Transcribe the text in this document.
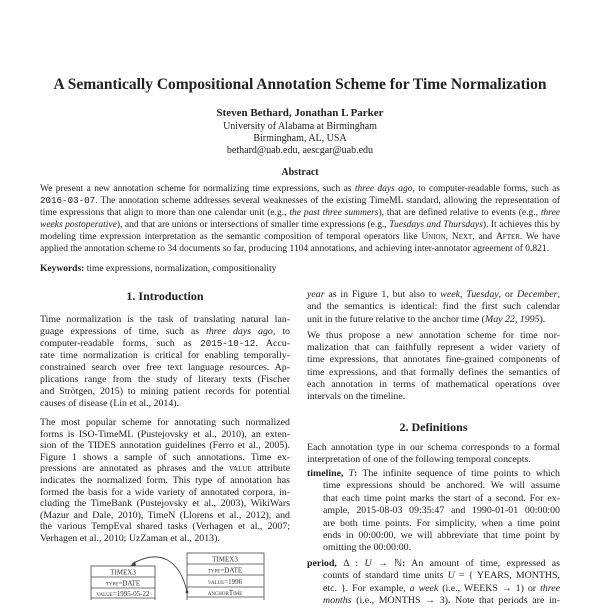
A Semantically Compositional Annotation Scheme for Time Normalization
Steven Bethard, Jonathan L Parker
University of Alabama at Birmingham
Birmingham, AL, USA
bethard@uab.edu, aescgar@uab.edu
Abstract
We present a new annotation scheme for normalizing time expressions, such as three days ago, to computer-readable forms, such as
2016-03-07. The annotation scheme addresses several weaknesses of the existing TimeML standard, allowing the representation of
time expressions that align to more than one calendar unit (e.g., the past three summers), that are defined relative to events (e.g., three
weeks postoperative), and that are unions or intersections of smaller time expressions (e.g., Tuesdays and Thursdays). It achieves this by
modeling time expression interpretation as the semantic composition of temporal operators like Union, Next, and After. We have
applied the annotation scheme to 34 documents so far, producing 1104 annotations, and achieving inter-annotator agreement of 0.821.
Keywords: time expressions, normalization, compositionality
1. Introduction
Time normalization is the task of translating natural lan-
guage expressions of time, such as three days ago, to
computer-readable forms, such as 2015-10-12. Accu-
rate time normalization is critical for enabling temporally-
constrained search over free text language resources. Ap-
plications range from the study of literary texts (Fischer
and Strötgen, 2015) to mining patient records for potential
causes of disease (Lin et al., 2014).
The most popular scheme for annotating such normalized
forms is ISO-TimeML (Pustejovsky et al., 2010), an exten-
sion of the TIDES annotation guidelines (Ferro et al., 2005).
Figure 1 shows a sample of such annotations. Time ex-
pressions are annotated as phrases and the value attribute
indicates the normalized form. This type of annotation has
formed the basis for a wide variety of annotated corpora, in-
cluding the TimeBank (Pustejovsky et al., 2003), WikiWars
(Mazur and Dale, 2010), TimeN (Llorens et al., 2012), and
the various TempEval shared tasks (Verhagen et al., 2007;
Verhagen et al., 2010; UzZaman et al., 2013).
TIMEX3
type=DATE
value=1995-05-22
TIMEX3
type=DATE
value=1996
anchorTime
year as in Figure 1, but also to week, Tuesday, or December,
and the semantics is identical: find the first such calendar
unit in the future relative to the anchor time (May 22, 1995).
We thus propose a new annotation scheme for time nor-
malization that can faithfully represent a wider variety of
time expressions, that annotates fine-grained components of
time expressions, and that formally defines the semantics of
each annotation in terms of mathematical operations over
intervals on the timeline.
2. Definitions
Each annotation type in our schema corresponds to a formal
interpretation of one of the following temporal concepts.
timeline, T: The infinite sequence of time points to which
time expressions should be anchored. We will assume
that each time point marks the start of a second. For ex-
ample, 2015-08-03 09:35:47 and 1990-01-01 00:00:00
are both time points. For simplicity, when a time point
ends in 00:00:00, we will abbreviate that time point by
omitting the 00:00:00.
period, Δ : U → ℕ: An amount of time, expressed as
counts of standard time units U = { YEARS, MONTHS,
etc. }. For example, a week (i.e., WEEKS → 1) or three
months (i.e., MONTHS → 3). Note that periods are in-
